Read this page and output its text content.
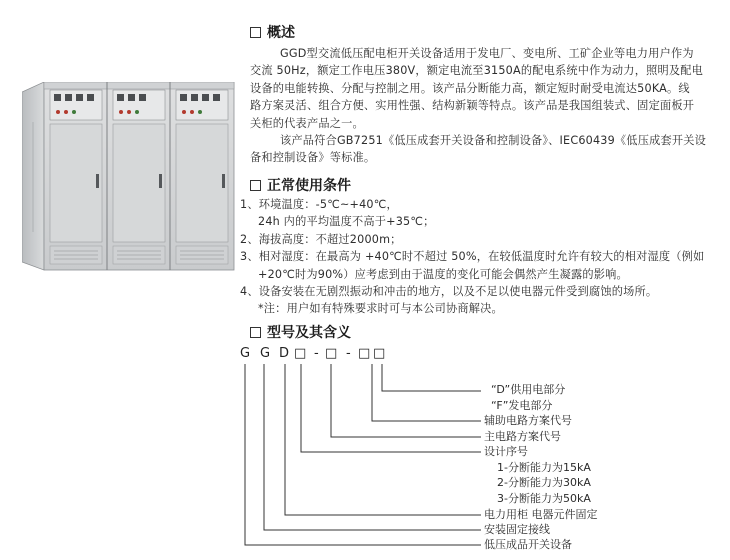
概述
GGD型交流低压配电柜开关设备适用于发电厂、变电所、工矿企业等电力用户作为
交流 50Hz，额定工作电压380V，额定电流至3150A的配电系统中作为动力，照明及配电
设备的电能转换、分配与控制之用。该产品分断能力高，额定短时耐受电流达50KA。线
路方案灵活、组合方便、实用性强、结构新颖等特点。该产品是我国组装式、固定面板开
关柜的代表产品之一。
该产品符合GB7251《低压成套开关设备和控制设备》、IEC60439《低压成套开关设
备和控制设备》等标准。
正常使用条件
1、环境温度：-5℃~+40℃，
24h 内的平均温度不高于+35℃；
2、海拔高度：不超过2000m；
3、相对湿度：在最高为 +40℃时不超过 50%，在较低温度时允许有较大的相对湿度（例如
+20℃时为90%）应考虑到由于温度的变化可能会偶然产生凝露的影响。
4、设备安装在无剧烈振动和冲击的地方，以及不足以使电器元件受到腐蚀的场所。
*注：用户如有特殊要求时可与本公司协商解决。
型号及其含义
G G D □ - □ - □ □
“D”供用电部分
“F”发电部分
辅助电路方案代号
主电路方案代号
设计序号
1-分断能力为15kA
2-分断能力为30kA
3-分断能力为50kA
电力用柜 电器元件固定
安装固定接线
低压成品开关设备
